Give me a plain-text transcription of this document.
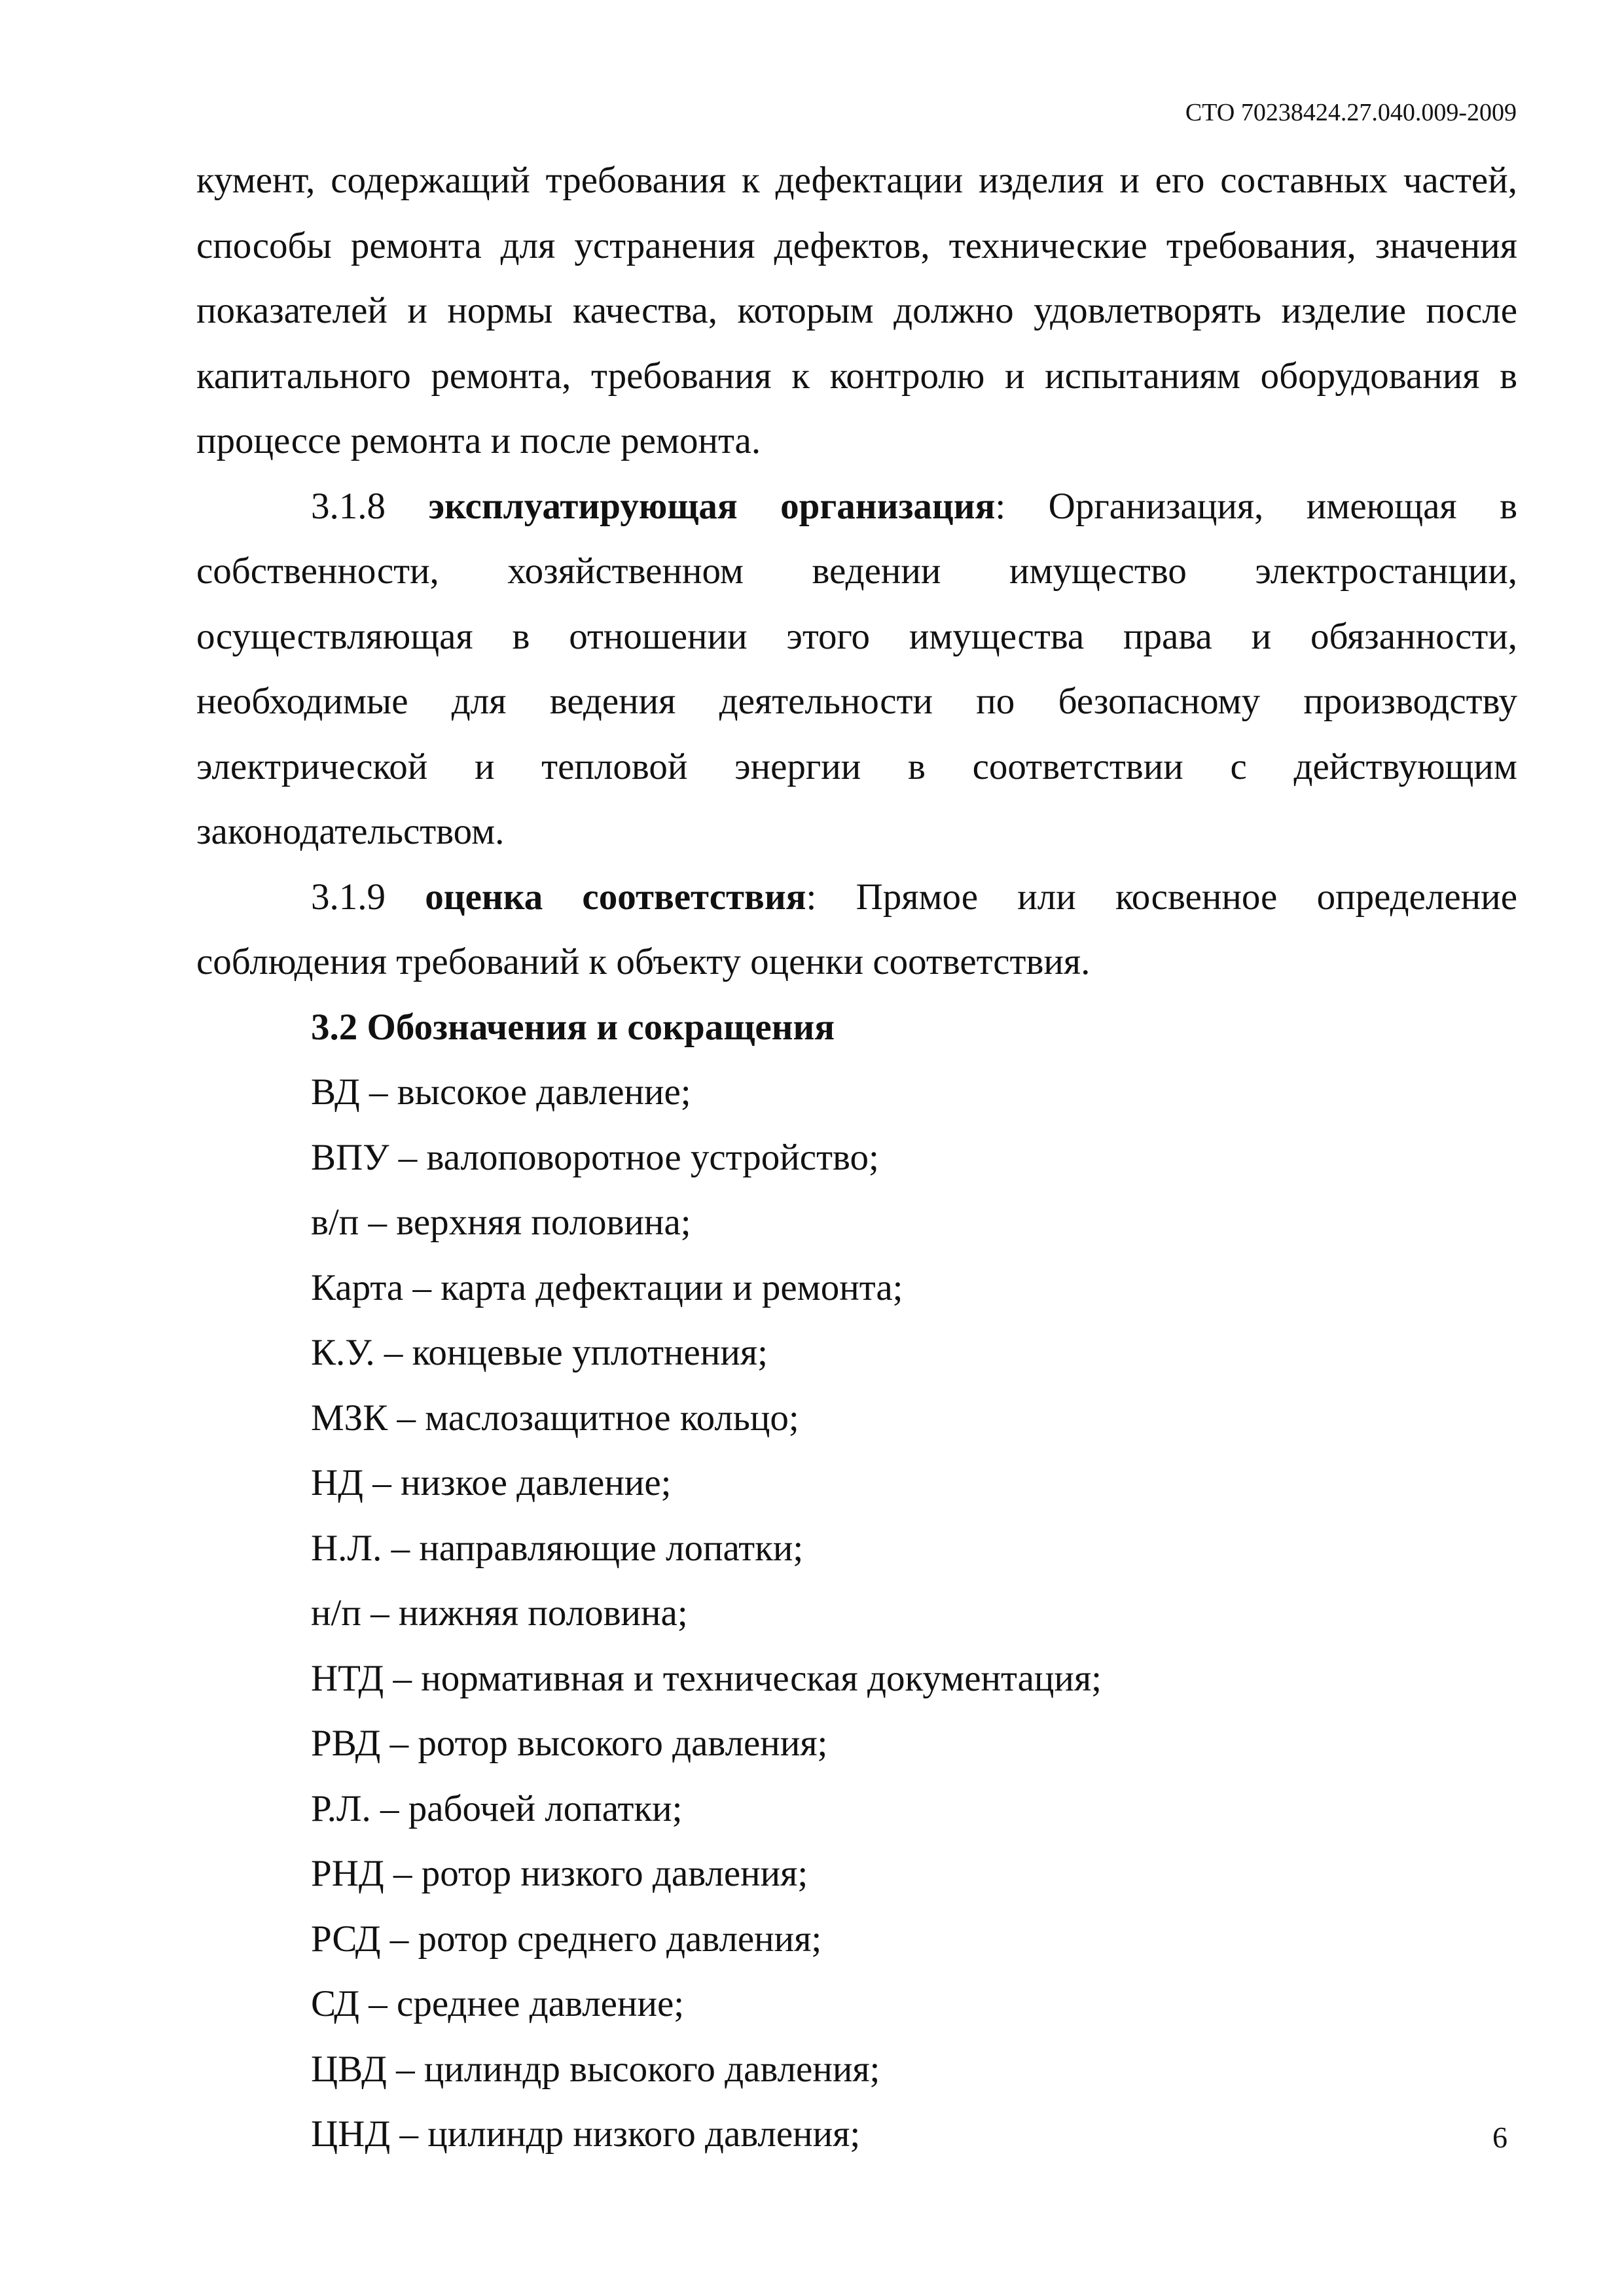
СТО 70238424.27.040.009-2009

кумент, содержащий требования к дефектации изделия и его составных частей, способы ремонта для устранения дефектов, технические требования, значения показателей и нормы качества, которым должно удовлетворять изделие после капитального ремонта, требования к контролю и испытаниям оборудования в процессе ремонта и после ремонта.

3.1.8 эксплуатирующая организация: Организация, имеющая в собственности, хозяйственном ведении имущество электростанции, осуществляющая в отношении этого имущества права и обязанности, необходимые для ведения деятельности по безопасному производству электрической и тепловой энергии в соответствии с действующим законодательством.

3.1.9 оценка соответствия: Прямое или косвенное определение соблюдения требований к объекту оценки соответствия.

3.2 Обозначения и сокращения

ВД – высокое давление;
ВПУ – валоповоротное устройство;
в/п – верхняя половина;
Карта – карта дефектации и ремонта;
К.У. – концевые уплотнения;
МЗК – маслозащитное кольцо;
НД – низкое давление;
Н.Л. – направляющие лопатки;
н/п – нижняя половина;
НТД – нормативная и техническая документация;
РВД – ротор высокого давления;
Р.Л. – рабочей лопатки;
РНД – ротор низкого давления;
РСД – ротор среднего давления;
СД – среднее давление;
ЦВД – цилиндр высокого давления;
ЦНД – цилиндр низкого давления;	6
